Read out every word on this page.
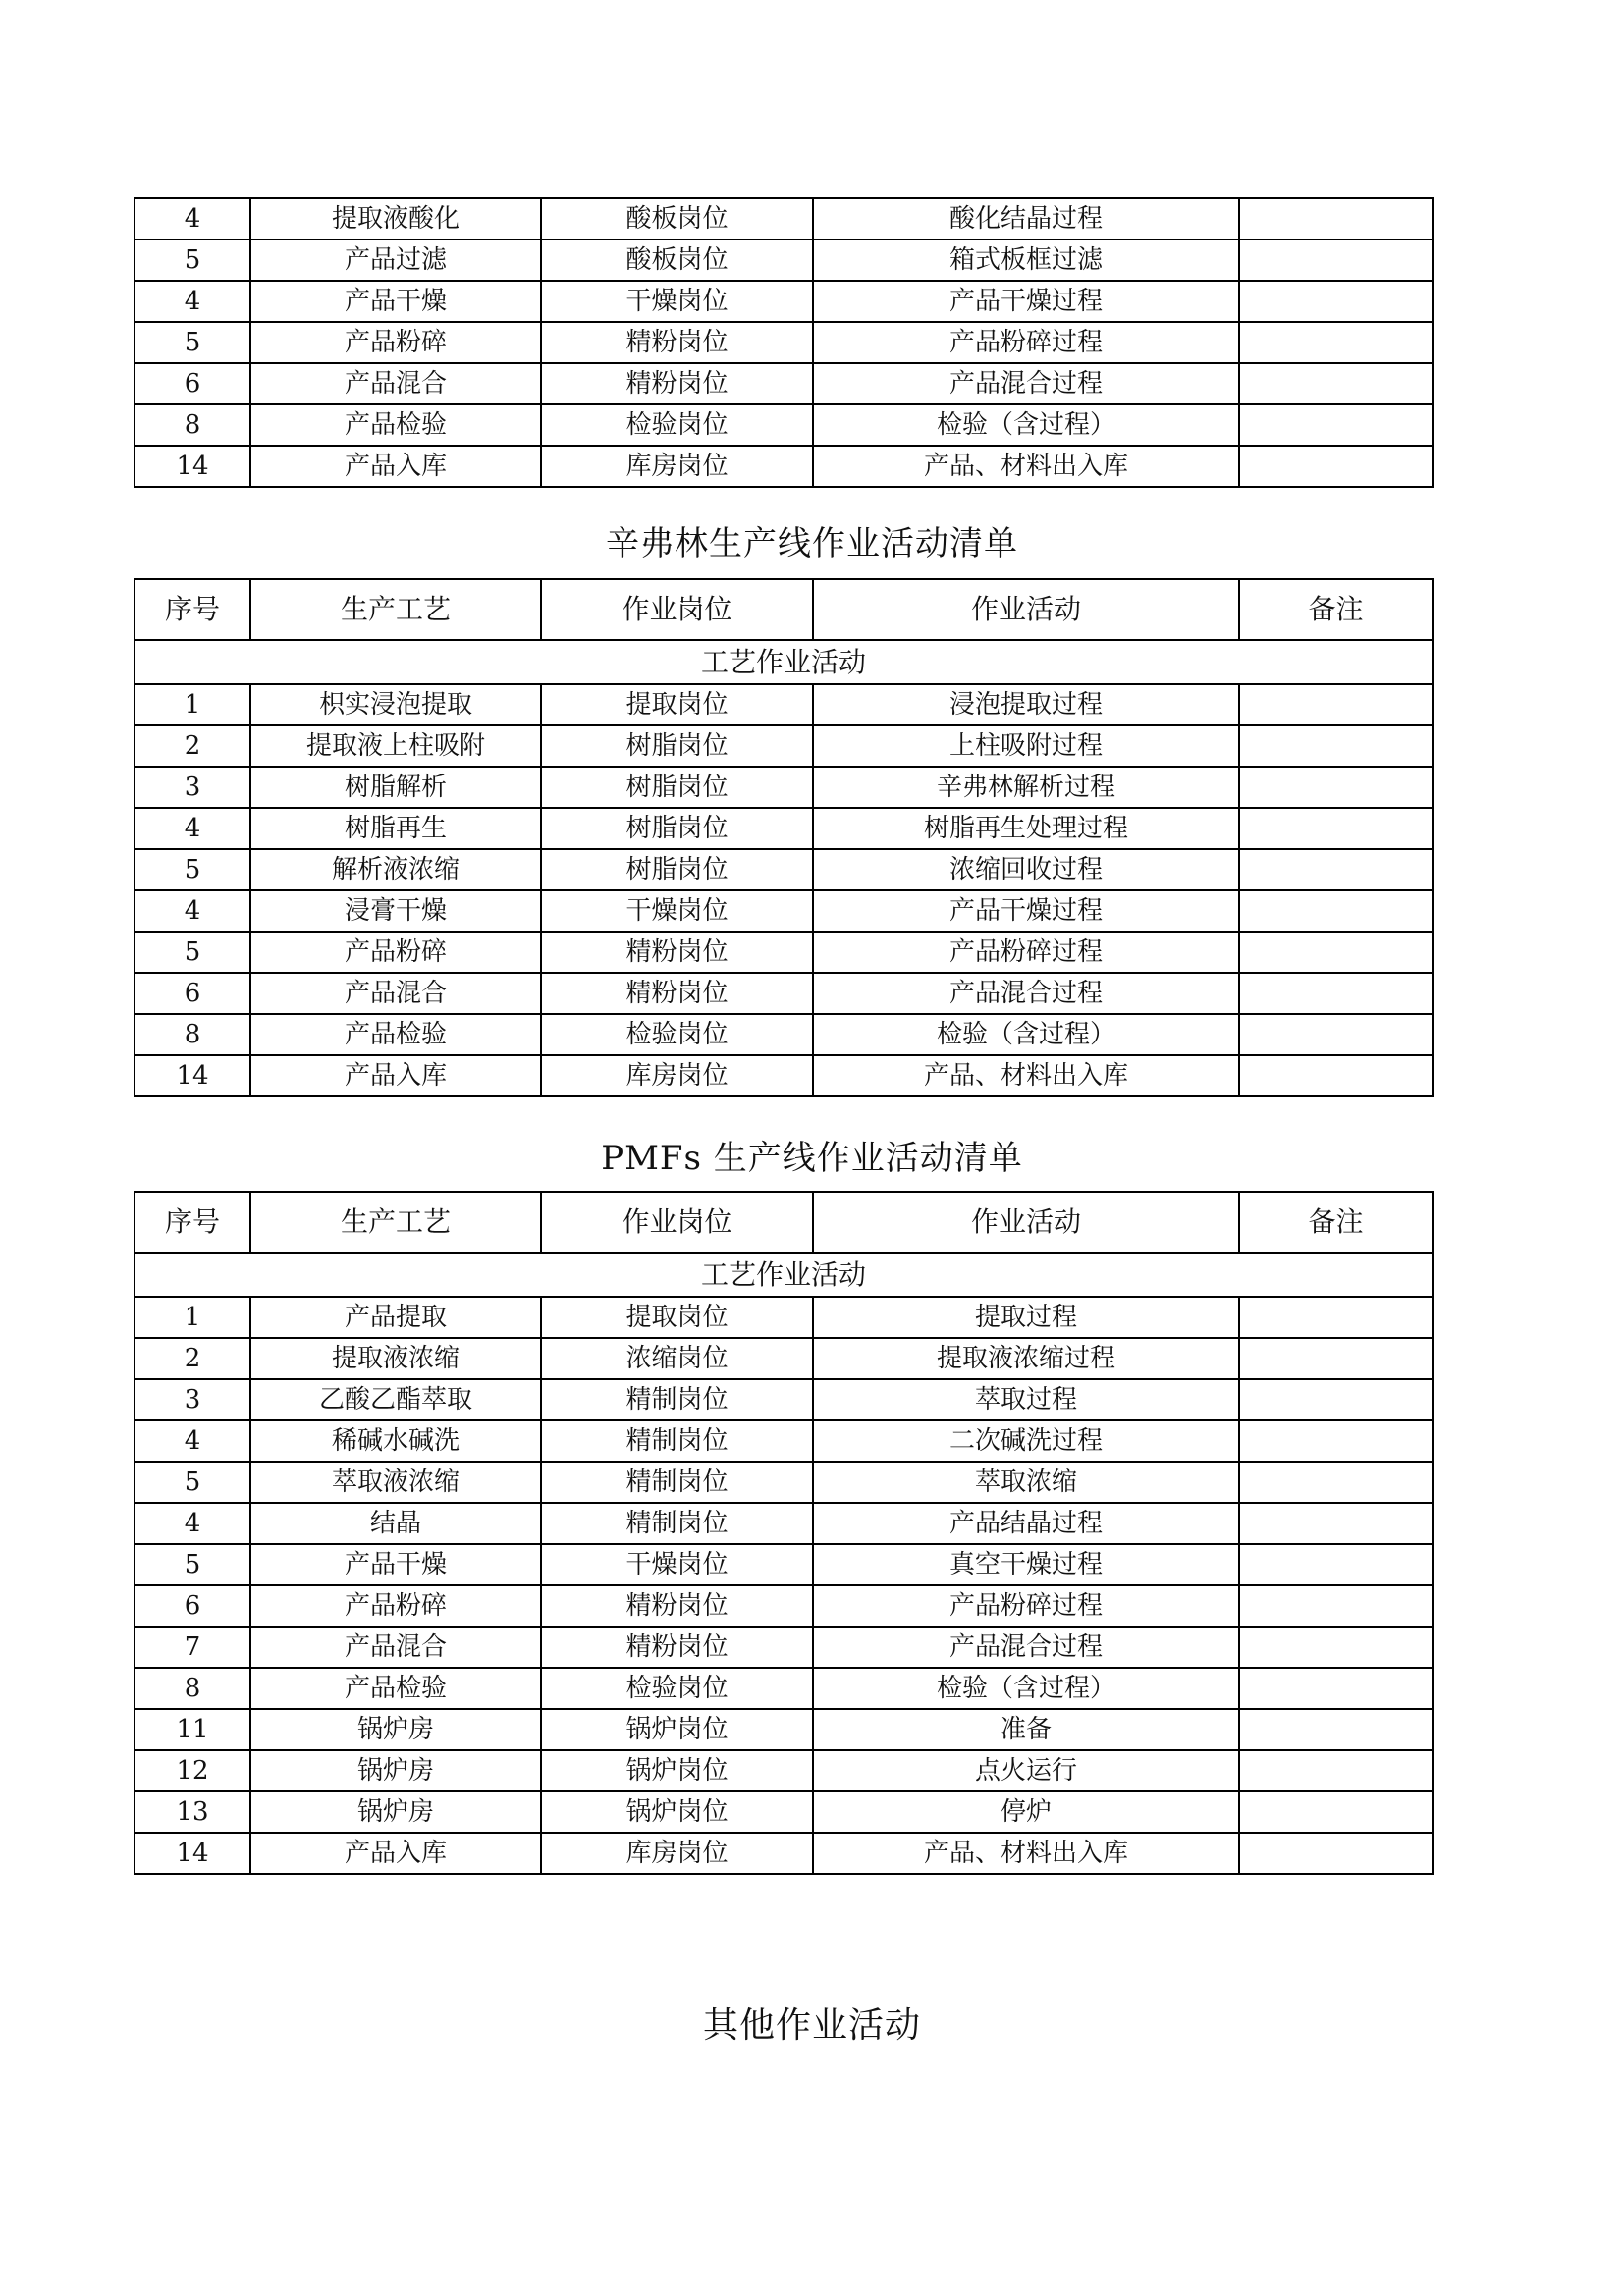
4	提取液酸化	酸板岗位	酸化结晶过程	
5	产品过滤	酸板岗位	箱式板框过滤	
4	产品干燥	干燥岗位	产品干燥过程	
5	产品粉碎	精粉岗位	产品粉碎过程	
6	产品混合	精粉岗位	产品混合过程	
8	产品检验	检验岗位	检验（含过程）	
14	产品入库	库房岗位	产品、材料出入库	
辛弗林生产线作业活动清单
序号	生产工艺	作业岗位	作业活动	备注
工艺作业活动				
1	枳实浸泡提取	提取岗位	浸泡提取过程	
2	提取液上柱吸附	树脂岗位	上柱吸附过程	
3	树脂解析	树脂岗位	辛弗林解析过程	
4	树脂再生	树脂岗位	树脂再生处理过程	
5	解析液浓缩	树脂岗位	浓缩回收过程	
4	浸膏干燥	干燥岗位	产品干燥过程	
5	产品粉碎	精粉岗位	产品粉碎过程	
6	产品混合	精粉岗位	产品混合过程	
8	产品检验	检验岗位	检验（含过程）	
14	产品入库	库房岗位	产品、材料出入库	
PMFs 生产线作业活动清单
序号	生产工艺	作业岗位	作业活动	备注
工艺作业活动				
1	产品提取	提取岗位	提取过程	
2	提取液浓缩	浓缩岗位	提取液浓缩过程	
3	乙酸乙酯萃取	精制岗位	萃取过程	
4	稀碱水碱洗	精制岗位	二次碱洗过程	
5	萃取液浓缩	精制岗位	萃取浓缩	
4	结晶	精制岗位	产品结晶过程	
5	产品干燥	干燥岗位	真空干燥过程	
6	产品粉碎	精粉岗位	产品粉碎过程	
7	产品混合	精粉岗位	产品混合过程	
8	产品检验	检验岗位	检验（含过程）	
11	锅炉房	锅炉岗位	准备	
12	锅炉房	锅炉岗位	点火运行	
13	锅炉房	锅炉岗位	停炉	
14	产品入库	库房岗位	产品、材料出入库	
其他作业活动
